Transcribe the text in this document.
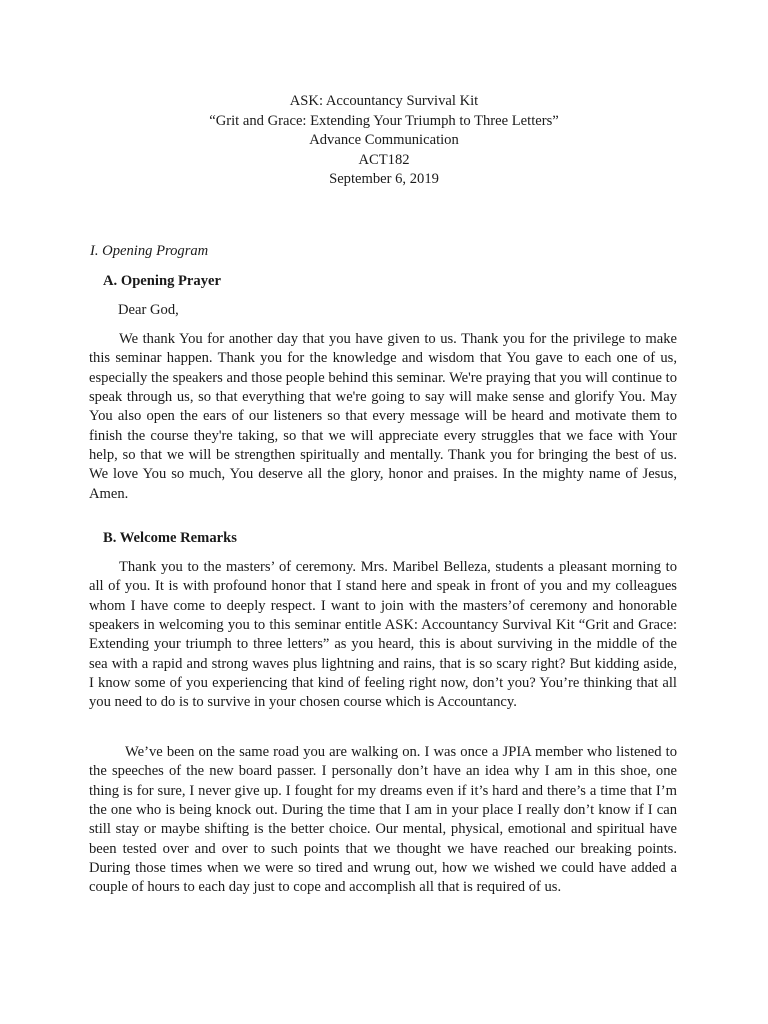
ASK: Accountancy Survival Kit
“Grit and Grace: Extending Your Triumph to Three Letters”
Advance Communication
ACT182
September 6, 2019
I. Opening Program
A. Opening Prayer
Dear God,

We thank You for another day that you have given to us. Thank you for the privilege to make this seminar happen. Thank you for the knowledge and wisdom that You gave to each one of us, especially the speakers and those people behind this seminar. We're praying that you will continue to speak through us, so that everything that we're going to say will make sense and glorify You. May You also open the ears of our listeners so that every message will be heard and motivate them to finish the course they're taking, so that we will appreciate every struggles that we face with Your help, so that we will be strengthen spiritually and mentally. Thank you for bringing the best of us. We love You so much, You deserve all the glory, honor and praises. In the mighty name of Jesus, Amen.

B. Welcome Remarks

Thank you to the masters’ of ceremony. Mrs. Maribel Belleza, students a pleasant morning to all of you. It is with profound honor that I stand here and speak in front of you and my colleagues whom I have come to deeply respect. I want to join with the masters’of ceremony and honorable speakers in welcoming you to this seminar entitle ASK: Accountancy Survival Kit “Grit and Grace: Extending your triumph to three letters” as you heard, this is about surviving in the middle of the sea with a rapid and strong waves plus lightning and rains, that is so scary right? But kidding aside, I know some of you experiencing that kind of feeling right now, don’t you? You’re thinking that all you need to do is to survive in your chosen course which is Accountancy.

We’ve been on the same road you are walking on. I was once a JPIA member who listened to the speeches of the new board passer. I personally don’t have an idea why I am in this shoe, one thing is for sure, I never give up. I fought for my dreams even if it’s hard and there’s a time that I’m the one who is being knock out. During the time that I am in your place I really don’t know if I can still stay or maybe shifting is the better choice. Our mental, physical, emotional and spiritual have been tested over and over to such points that we thought we have reached our breaking points. During those times when we were so tired and wrung out, how we wished we could have added a couple of hours to each day just to cope and accomplish all that is required of us.
